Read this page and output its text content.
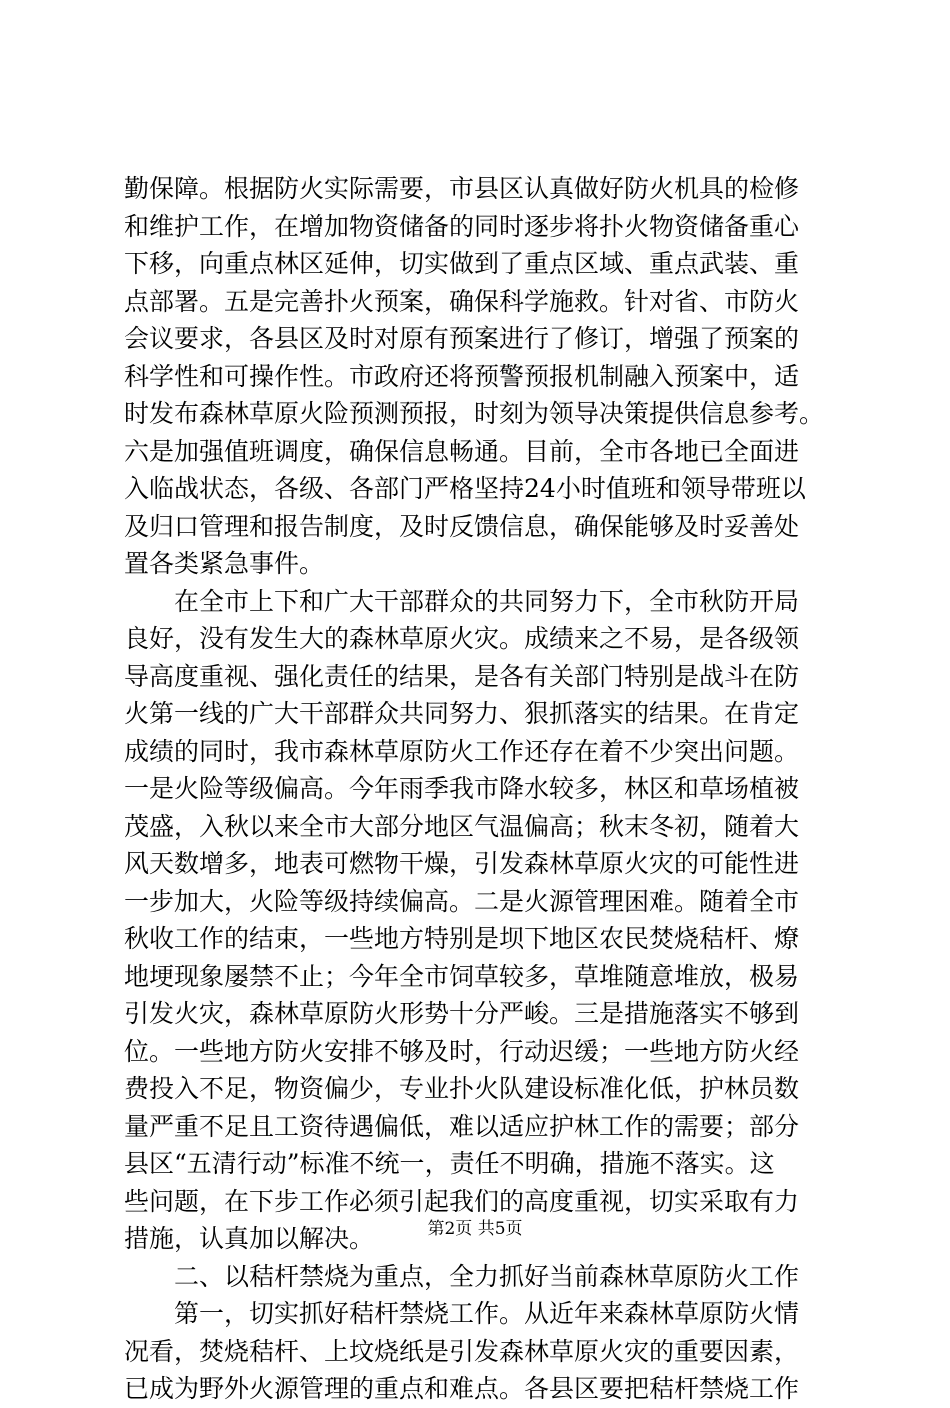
勤保障。根据防火实际需要，市县区认真做好防火机具的检修
和维护工作，在增加物资储备的同时逐步将扑火物资储备重心
下移，向重点林区延伸，切实做到了重点区域、重点武装、重
点部署。五是完善扑火预案，确保科学施救。针对省、市防火
会议要求，各县区及时对原有预案进行了修订，增强了预案的
科学性和可操作性。市政府还将预警预报机制融入预案中，适
时发布森林草原火险预测预报，时刻为领导决策提供信息参考。
六是加强值班调度，确保信息畅通。目前，全市各地已全面进
入临战状态，各级、各部门严格坚持24小时值班和领导带班以
及归口管理和报告制度，及时反馈信息，确保能够及时妥善处
置各类紧急事件。
在全市上下和广大干部群众的共同努力下，全市秋防开局
良好，没有发生大的森林草原火灾。成绩来之不易，是各级领
导高度重视、强化责任的结果，是各有关部门特别是战斗在防
火第一线的广大干部群众共同努力、狠抓落实的结果。在肯定
成绩的同时，我市森林草原防火工作还存在着不少突出问题。
一是火险等级偏高。今年雨季我市降水较多，林区和草场植被
茂盛，入秋以来全市大部分地区气温偏高；秋末冬初，随着大
风天数增多，地表可燃物干燥，引发森林草原火灾的可能性进
一步加大，火险等级持续偏高。二是火源管理困难。随着全市
秋收工作的结束，一些地方特别是坝下地区农民焚烧秸杆、燎
地埂现象屡禁不止；今年全市饲草较多，草堆随意堆放，极易
引发火灾，森林草原防火形势十分严峻。三是措施落实不够到
位。一些地方防火安排不够及时，行动迟缓；一些地方防火经
费投入不足，物资偏少，专业扑火队建设标准化低，护林员数
量严重不足且工资待遇偏低，难以适应护林工作的需要；部分
县区“五清行动”标准不统一，责任不明确，措施不落实。这
些问题，在下步工作必须引起我们的高度重视，切实采取有力
措施，认真加以解决。
二、以秸杆禁烧为重点，全力抓好当前森林草原防火工作
第一，切实抓好秸杆禁烧工作。从近年来森林草原防火情
况看，焚烧秸杆、上坟烧纸是引发森林草原火灾的重要因素，
已成为野外火源管理的重点和难点。各县区要把秸杆禁烧工作
第2页 共5页
